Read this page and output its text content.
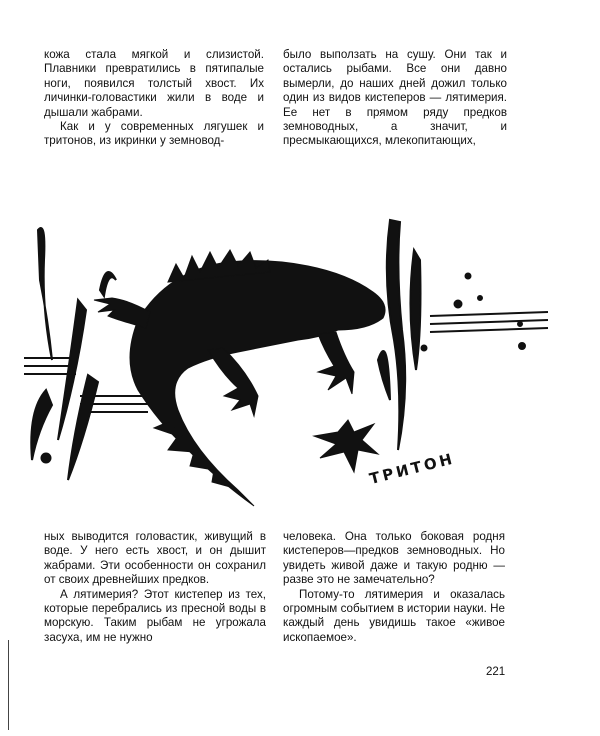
кожа стала мягкой и слизистой. Плавники превратились в пятипалые ноги, появился толстый хвост. Их личинки-головастики жили в воде и дышали жабрами.

Как и у современных лягушек и тритонов, из икринки у земновод-

было выползать на сушу. Они так и остались рыбами. Все они давно вымерли, до наших дней дожил только один из видов кистеперов — лятимерия. Ее нет в прямом ряду предков земноводных, а значит, и пресмыкающихся, млекопитающих,

ТРИТОН

ных выводится головастик, живущий в воде. У него есть хвост, и он дышит жабрами. Эти особенности он сохранил от своих древнейших предков.

А лятимерия? Этот кистепер из тех, которые перебрались из пресной воды в морскую. Таким рыбам не угрожала засуха, им не нужно

человека. Она только боковая родня кистеперов—предков земноводных. Но увидеть живой даже и такую родню — разве это не замечательно?

Потому-то лятимерия и оказалась огромным событием в истории науки. Не каждый день увидишь такое «живое ископаемое».

221
